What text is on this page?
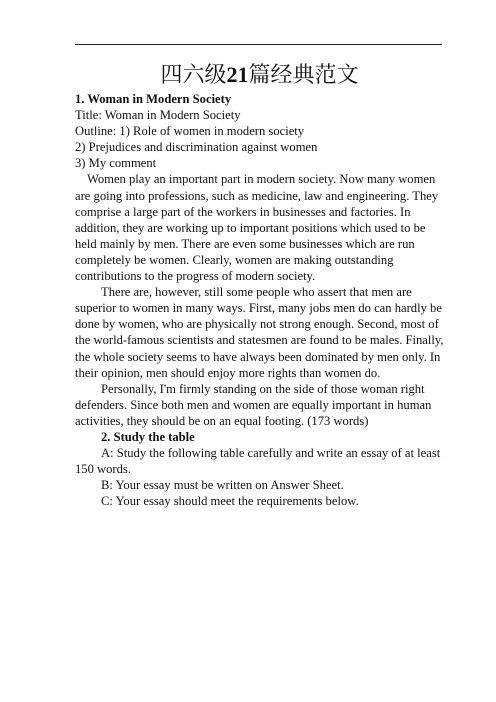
四六级21篇经典范文

1. Woman in Modern Society

Title: Woman in Modern Society

Outline: 1) Role of women in modern society

2) Prejudices and discrimination against women

3) My comment

Women play an important part in modern society. Now many women are going into professions, such as medicine, law and engineering. They comprise a large part of the workers in businesses and factories. In addition, they are working up to important positions which used to be held mainly by men. There are even some businesses which are run completely be women. Clearly, women are making outstanding contributions to the progress of modern society.

There are, however, still some people who assert that men are superior to women in many ways. First, many jobs men do can hardly be done by women, who are physically not strong enough. Second, most of the world-famous scientists and statesmen are found to be males. Finally, the whole society seems to have always been dominated by men only. In their opinion, men should enjoy more rights than women do.

Personally, I'm firmly standing on the side of those woman right defenders. Since both men and women are equally important in human activities, they should be on an equal footing. (173 words)

2. Study the table

A: Study the following table carefully and write an essay of at least 150 words.

B: Your essay must be written on Answer Sheet.

C: Your essay should meet the requirements below.
